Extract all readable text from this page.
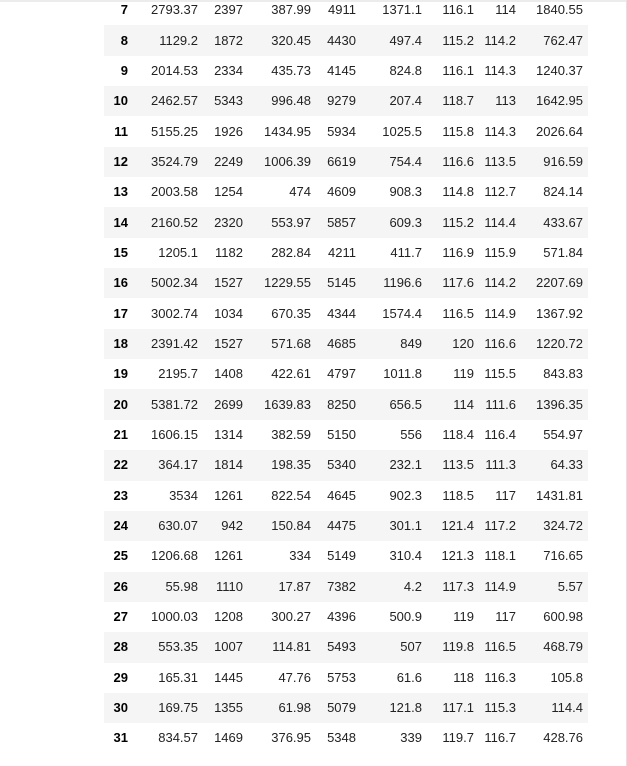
7	2793.37	2397	387.99	4911	1371.1	116.1	114	1840.55
8	1129.2	1872	320.45	4430	497.4	115.2	114.2	762.47
9	2014.53	2334	435.73	4145	824.8	116.1	114.3	1240.37
10	2462.57	5343	996.48	9279	207.4	118.7	113	1642.95
11	5155.25	1926	1434.95	5934	1025.5	115.8	114.3	2026.64
12	3524.79	2249	1006.39	6619	754.4	116.6	113.5	916.59
13	2003.58	1254	474	4609	908.3	114.8	112.7	824.14
14	2160.52	2320	553.97	5857	609.3	115.2	114.4	433.67
15	1205.1	1182	282.84	4211	411.7	116.9	115.9	571.84
16	5002.34	1527	1229.55	5145	1196.6	117.6	114.2	2207.69
17	3002.74	1034	670.35	4344	1574.4	116.5	114.9	1367.92
18	2391.42	1527	571.68	4685	849	120	116.6	1220.72
19	2195.7	1408	422.61	4797	1011.8	119	115.5	843.83
20	5381.72	2699	1639.83	8250	656.5	114	111.6	1396.35
21	1606.15	1314	382.59	5150	556	118.4	116.4	554.97
22	364.17	1814	198.35	5340	232.1	113.5	111.3	64.33
23	3534	1261	822.54	4645	902.3	118.5	117	1431.81
24	630.07	942	150.84	4475	301.1	121.4	117.2	324.72
25	1206.68	1261	334	5149	310.4	121.3	118.1	716.65
26	55.98	1110	17.87	7382	4.2	117.3	114.9	5.57
27	1000.03	1208	300.27	4396	500.9	119	117	600.98
28	553.35	1007	114.81	5493	507	119.8	116.5	468.79
29	165.31	1445	47.76	5753	61.6	118	116.3	105.8
30	169.75	1355	61.98	5079	121.8	117.1	115.3	114.4
31	834.57	1469	376.95	5348	339	119.7	116.7	428.76
